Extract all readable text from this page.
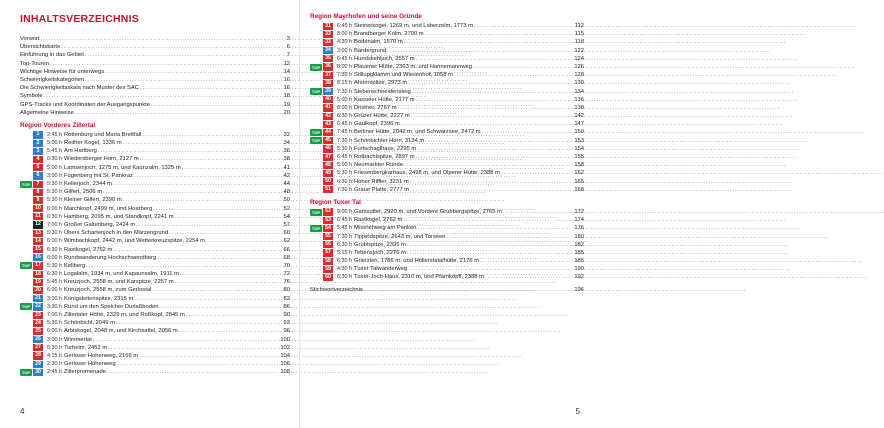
INHALTSVERZEICHNIS
Vorwort . . .	3
Übersichtskarte . . .	6
Einführung in das Gebiet . . .	7
Top-Touren . . .	12
Wichtige Hinweise für unterwegs . . .	14
Schwierigkeitskategorien . . .	16
Die Schwierigkeitsskala nach Muster des SAC . . .	16
Symbole . . .	18
GPS-Tracks und Koordinaten der Ausgangspunkte . . .	19
Allgemeine Hinweise . . .	20
Region Vorderes Zillertal
1	2:45 h Rottenburg und Maria Brettfall . . .	32
2	5:00 h Reither Kogel, 1336 m . . .	34
3	5:45 h Am Hartberg . . .	36
4	6:30 h Wiedersberger Horn, 2127 m . . .	38
5	5:00 h Lamsenjoch, 1275 m, und Kaunzalm, 1325 m . . .	41
6	3:00 h Fügenberg mit St. Pankraz . . .	42
TOP	7	5:30 h Kellerjoch, 2344 m . . .	44
8	5:30 h Gilfert, 2506 m . . .	48
9	5:30 h Kleiner Gilfert, 2390 m . . .	50
10	6:00 h Marchkopf, 2499 m, und Hoarberg . . .	52
11	6:30 h Hamberg, 2095 m, und Standkopf, 2241 m . . .	54
12	7:00 h Großer Galtenberg, 2424 m . . .	57
13	5:30 h Übers Schartenjoch in den Märzengrund . . .	60
14	6:00 h Wimbachkopf, 2442 m, und Wetterkreuzspitze, 2254 m . . .	62
15	6:30 h Rastkogel, 2762 m . . .	66
16	6:00 h Rundwanderung Hochschwendberg . . .	68
TOP 17	5:30 h Kellberg . . .	70
18	6:30 h Logalalm, 1934 m, und Kapaunsalm, 1911 m . . .	72
19	5:45 h Kreuzjoch, 2558 m, und Karspitze, 2257 m . . .	76
20	6:00 h Kreuzjoch, 2558 m, zum Gerlostal . . .	80
21	3:00 h Königsleitenspitze, 2315 m . . .	82
TOP 22	3:30 h Rund um den Speicher Durlaßboden . . .	86
23	7:00 h Zillertaler Höhe, 2329 m, und Roßkopf, 2845 m . . .	90
24	5:30 h Schönbichl, 2049 m . . .	93
25	6:00 h Arbiskogel, 2048 m, und Kirchsattel, 2056 m . . .	96
26	3:00 h Wimmertal . . .	100
27	5:30 h Torhelm, 2452 m . . .	102
28	4:15 h Gerloser Hohenweg, 2166 m . . .	104
29	2:30 h Gerloser Höhenweg . . .	106
TOP 30	2:45 h Zillerpromenade . . .	108
4
Region Mayrhofen und seine Gründe
31	6:45 h Steinerkogel, 1269 m, und Laberzelm, 1773 m . . .	112
32	8:00 h Brandberger Kolm, 2700 m . . .	115
33	4:30 h Bodenalm, 1570 m . . .	118
34	3:00 h Bärdergrund . . .	122
35	6:45 h Hundskehljoch, 2557 m . . .	124
TOP 36	8:00 h Plauener Hütte, 2363 m, und Hannemannweg . . .	126
37	7:30 h Stillupgklamm und Wiesenhof, 1058 m . . .	128
38	8:15 h Ahornspitze, 2973 m . . .	130
TOP 39	7:30 h Siebenschneidensteig . . .	134
40	5:00 h Kasseler Hütte, 2177 m . . .	136
41	8:00 h Dristner, 2767 m . . .	138
42	6:30 h Grüzer Hütte, 2227 m . . .	142
43	6:45 h Gaulkopf, 2396 m . . .	147
TOP 44	7:45 h Berliner Hütte, 2042 m, und Schwarzsee, 2472 m . . .	150
TOP 45	7:30 h Schönbichler Horn, 3134 m . . .	153
46	5:30 h Furtschaglhaus, 2295 m . . .	154
47	6:45 h Rotbachlspitze, 2897 m . . .	155
48	5:00 h Neumarkter Runde . . .	158
49	5:30 h Friesenbergkarhaus, 2498 m, und Olperer Hütte, 2388 m . . .	162
50	6:30 h Hoher Riffler, 3231 m . . .	165
51	7:30 h Graue Platte, 2777 m . . .	168
Region Tuxer Tal
TOP 52	9:00 h Gamsutter, 2920 m, und Vordere Grubbergspitze, 2765 m . . .	172
53	6:45 h Rastkogel, 2762 m . . .	174
TOP 54	5:45 h Moorlehweg am Penken . . .	176
55	7:30 h Tippeldspitze, 2643 m, und Torseen . . .	180
56	6:30 h Grüblspitze, 2395 m . . .	182
57	5:15 h Tettensjoch, 2276 m . . .	185
58	6:30 h Grierzlen, 1786 m, und Höllerstatalhütte, 2176 m . . .	186
59	4:30 h Tuxer Talwanderweg . . .	190
60	6:30 h Tuxer-Joch-Haus, 2310 m, und Pfarnköpfl, 2388 m . . .	192
Stichwortverzeichnis . . .	196
5
